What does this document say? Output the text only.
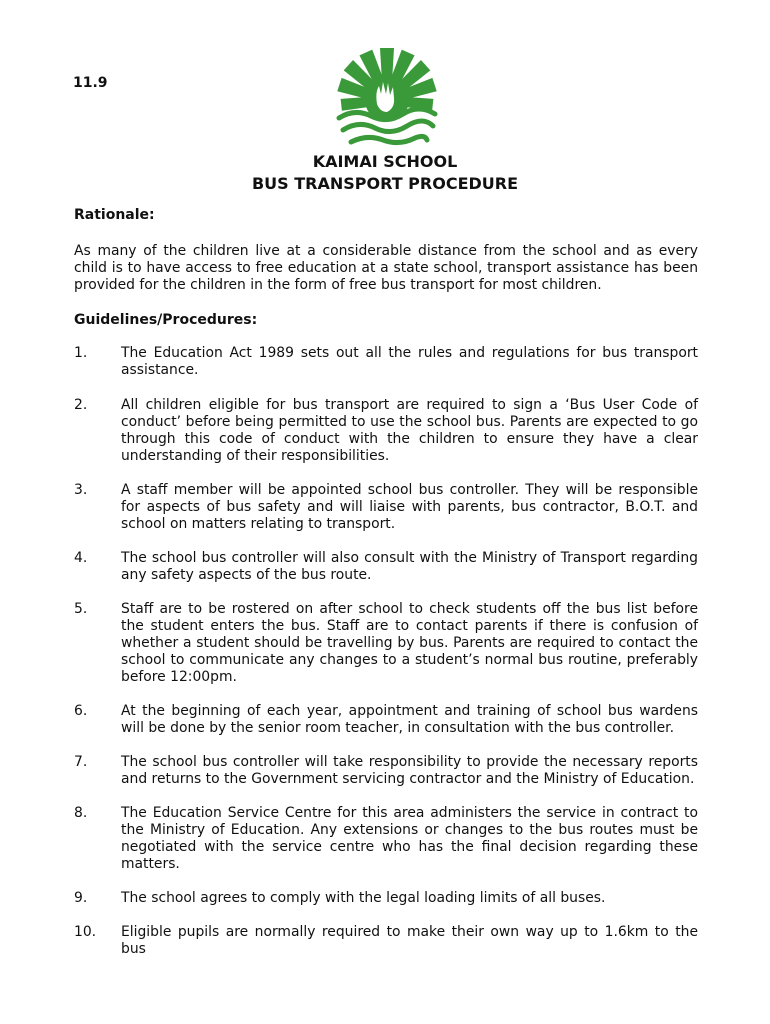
11.9
KAIMAI SCHOOL
BUS TRANSPORT PROCEDURE
Rationale:
As many of the children live at a considerable distance from the school and as every child is to have access to free education at a state school, transport assistance has been provided for the children in the form of free bus transport for most children.
Guidelines/Procedures:
1.	The Education Act 1989 sets out all the rules and regulations for bus transport assistance.
2.	All children eligible for bus transport are required to sign a ‘Bus User Code of conduct’ before being permitted to use the school bus. Parents are expected to go through this code of conduct with the children to ensure they have a clear understanding of their responsibilities.
3.	A staff member will be appointed school bus controller. They will be responsible for aspects of bus safety and will liaise with parents, bus contractor, B.O.T. and school on matters relating to transport.
4.	The school bus controller will also consult with the Ministry of Transport regarding any safety aspects of the bus route.
5.	Staff are to be rostered on after school to check students off the bus list before the student enters the bus. Staff are to contact parents if there is confusion of whether a student should be travelling by bus. Parents are required to contact the school to communicate any changes to a student’s normal bus routine, preferably before 12:00pm.
6.	At the beginning of each year, appointment and training of school bus wardens will be done by the senior room teacher, in consultation with the bus controller.
7.	The school bus controller will take responsibility to provide the necessary reports and returns to the Government servicing contractor and the Ministry of Education.
8.	The Education Service Centre for this area administers the service in contract to the Ministry of Education. Any extensions or changes to the bus routes must be negotiated with the service centre who has the final decision regarding these matters.
9.	The school agrees to comply with the legal loading limits of all buses.
10.	Eligible pupils are normally required to make their own way up to 1.6km to the bus
